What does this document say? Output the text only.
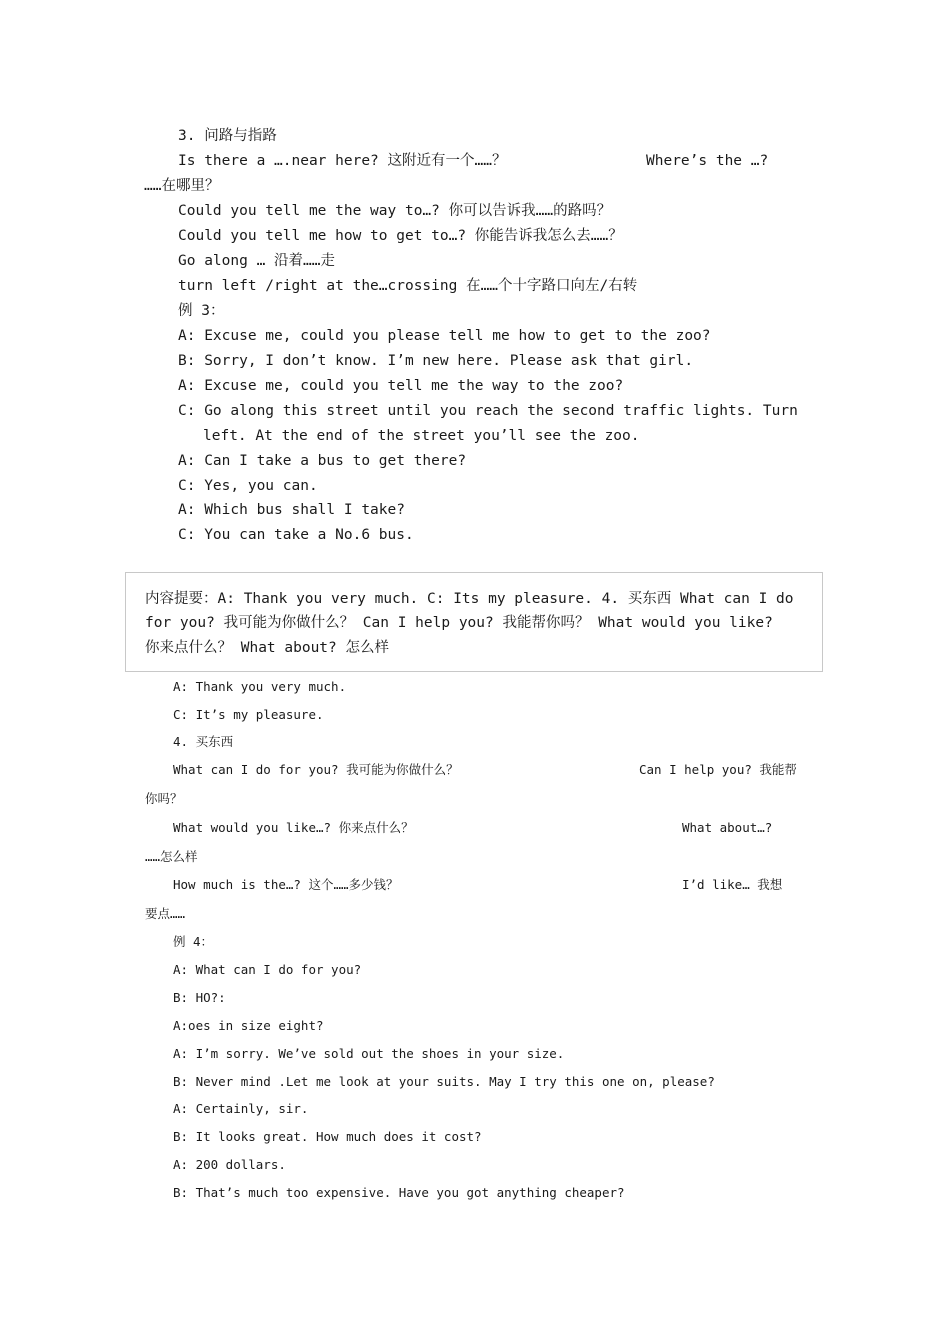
3. 问路与指路
Is there a ….near here? 这附近有一个……？	Where’s the …?
……在哪里？
Could you tell me the way to…? 你可以告诉我……的路吗？
Could you tell me how to get to…? 你能告诉我怎么去……？
Go along … 沿着……走
turn left /right at the…crossing 在……个十字路口向左/右转
例 3：
A: Excuse me, could you please tell me how to get to the zoo?
B: Sorry, I don’t know. I’m new here. Please ask that girl.
A: Excuse me, could you tell me the way to the zoo?
C: Go along this street until you reach the second traffic lights. Turn
left. At the end of the street you’ll see the zoo.
A: Can I take a bus to get there?
C: Yes, you can.
A: Which bus shall I take?
C: You can take a No.6 bus.
内容提要：A: Thank you very much. C: Its my pleasure. 4. 买东西 What can I do
for you? 我可能为你做什么？ Can I help you? 我能帮你吗？ What would you like?
你来点什么？ What about? 怎么样
A: Thank you very much.
C: It’s my pleasure.
4. 买东西
What can I do for you? 我可能为你做什么？	Can I help you? 我能帮
你吗？
What would you like…? 你来点什么？	What about…?
……怎么样
How much is the…? 这个……多少钱？	I’d like… 我想
要点……
例 4：
A: What can I do for you?
B: HO?:
A:oes in size eight?
A: I’m sorry. We’ve sold out the shoes in your size.
B: Never mind .Let me look at your suits. May I try this one on, please?
A: Certainly, sir.
B: It looks great. How much does it cost?
A: 200 dollars.
B: That’s much too expensive. Have you got anything cheaper?
